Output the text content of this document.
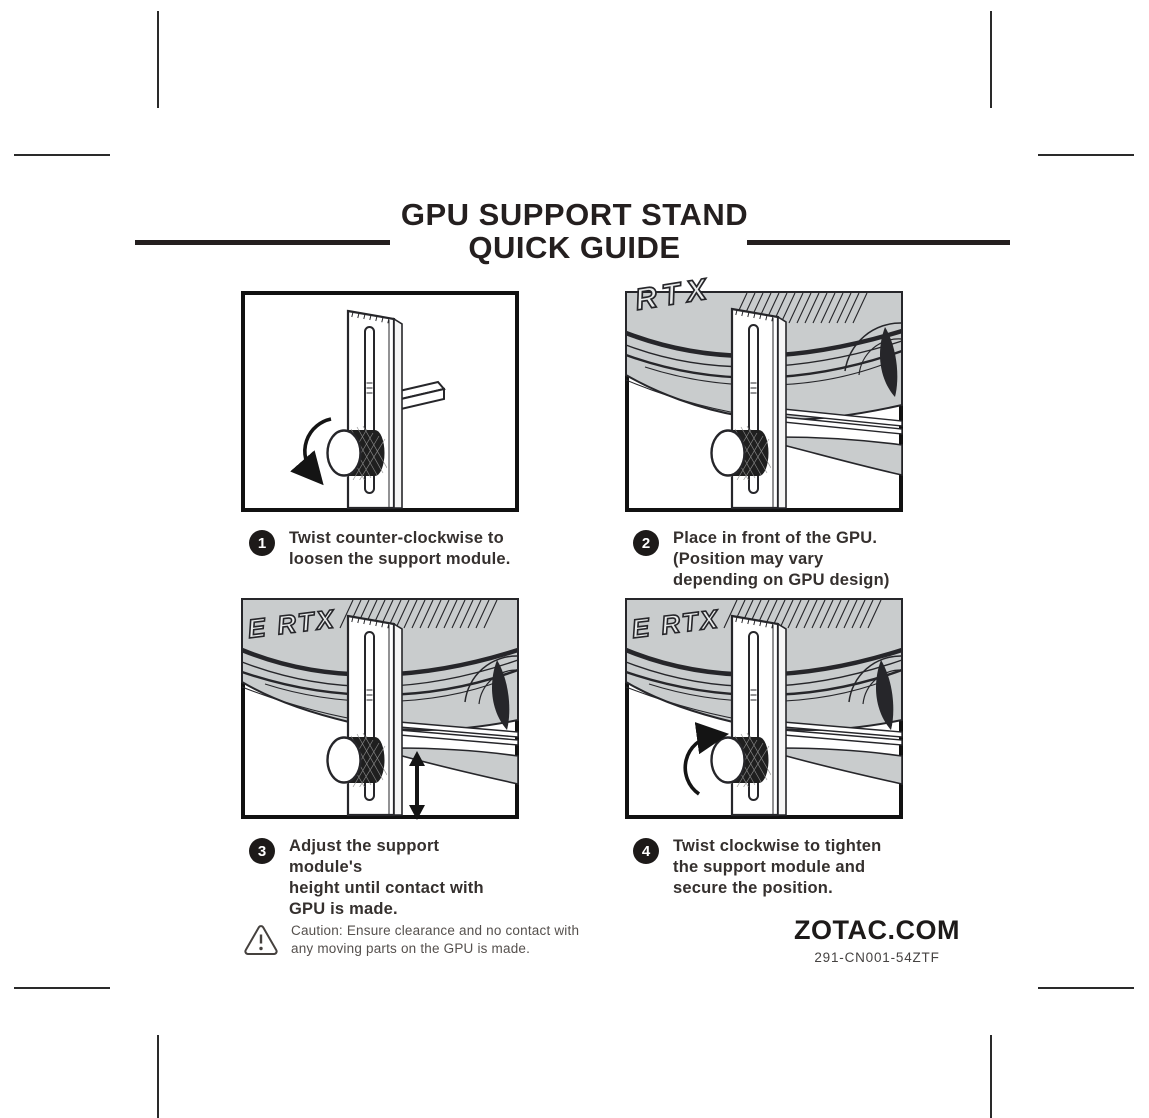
GPU SUPPORT STAND
QUICK GUIDE
RTX
E RTX	E RTX
1	Twist counter-clockwise to
loosen the support module.
2	Place in front of the GPU.
(Position may vary
depending on GPU design)
3	Adjust the support module's
height until contact with
GPU is made.
4	Twist clockwise to tighten
the support module and
secure the position.
Caution: Ensure clearance and no contact with
any moving parts on the GPU is made.
ZOTAC.COM
291-CN001-54ZTF
